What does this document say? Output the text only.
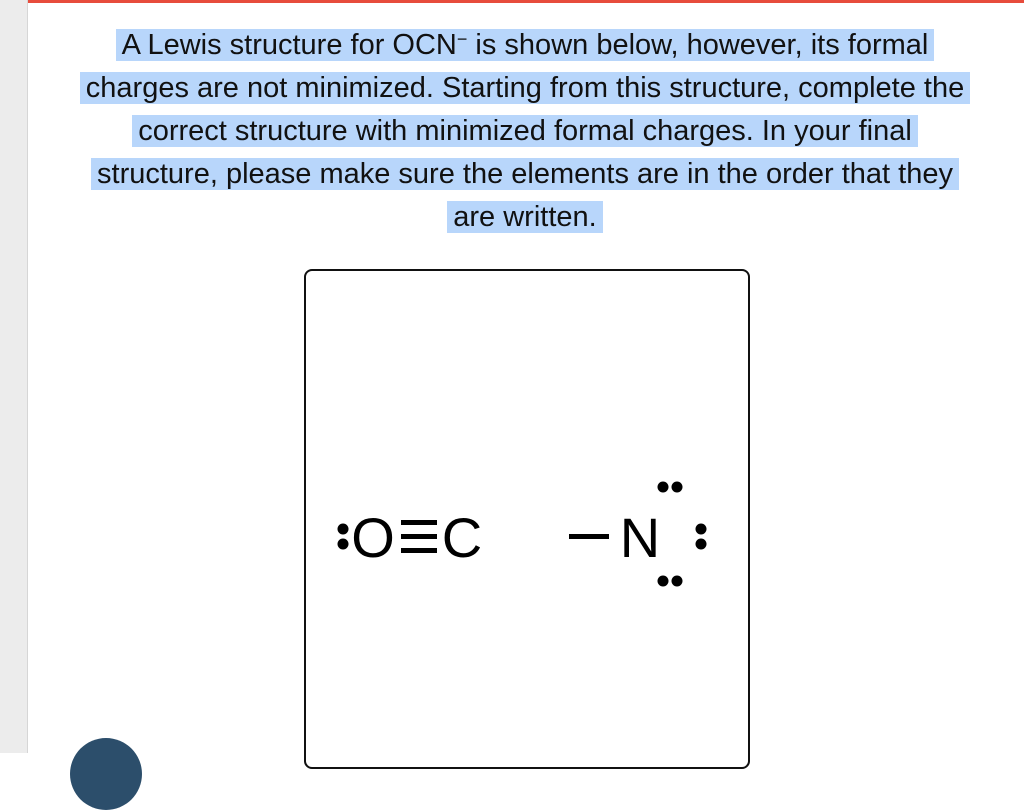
A Lewis structure for OCN− is shown below, however, its formal
charges are not minimized. Starting from this structure, complete the
correct structure with minimized formal charges. In your final
structure, please make sure the elements are in the order that they
are written.
O C N
